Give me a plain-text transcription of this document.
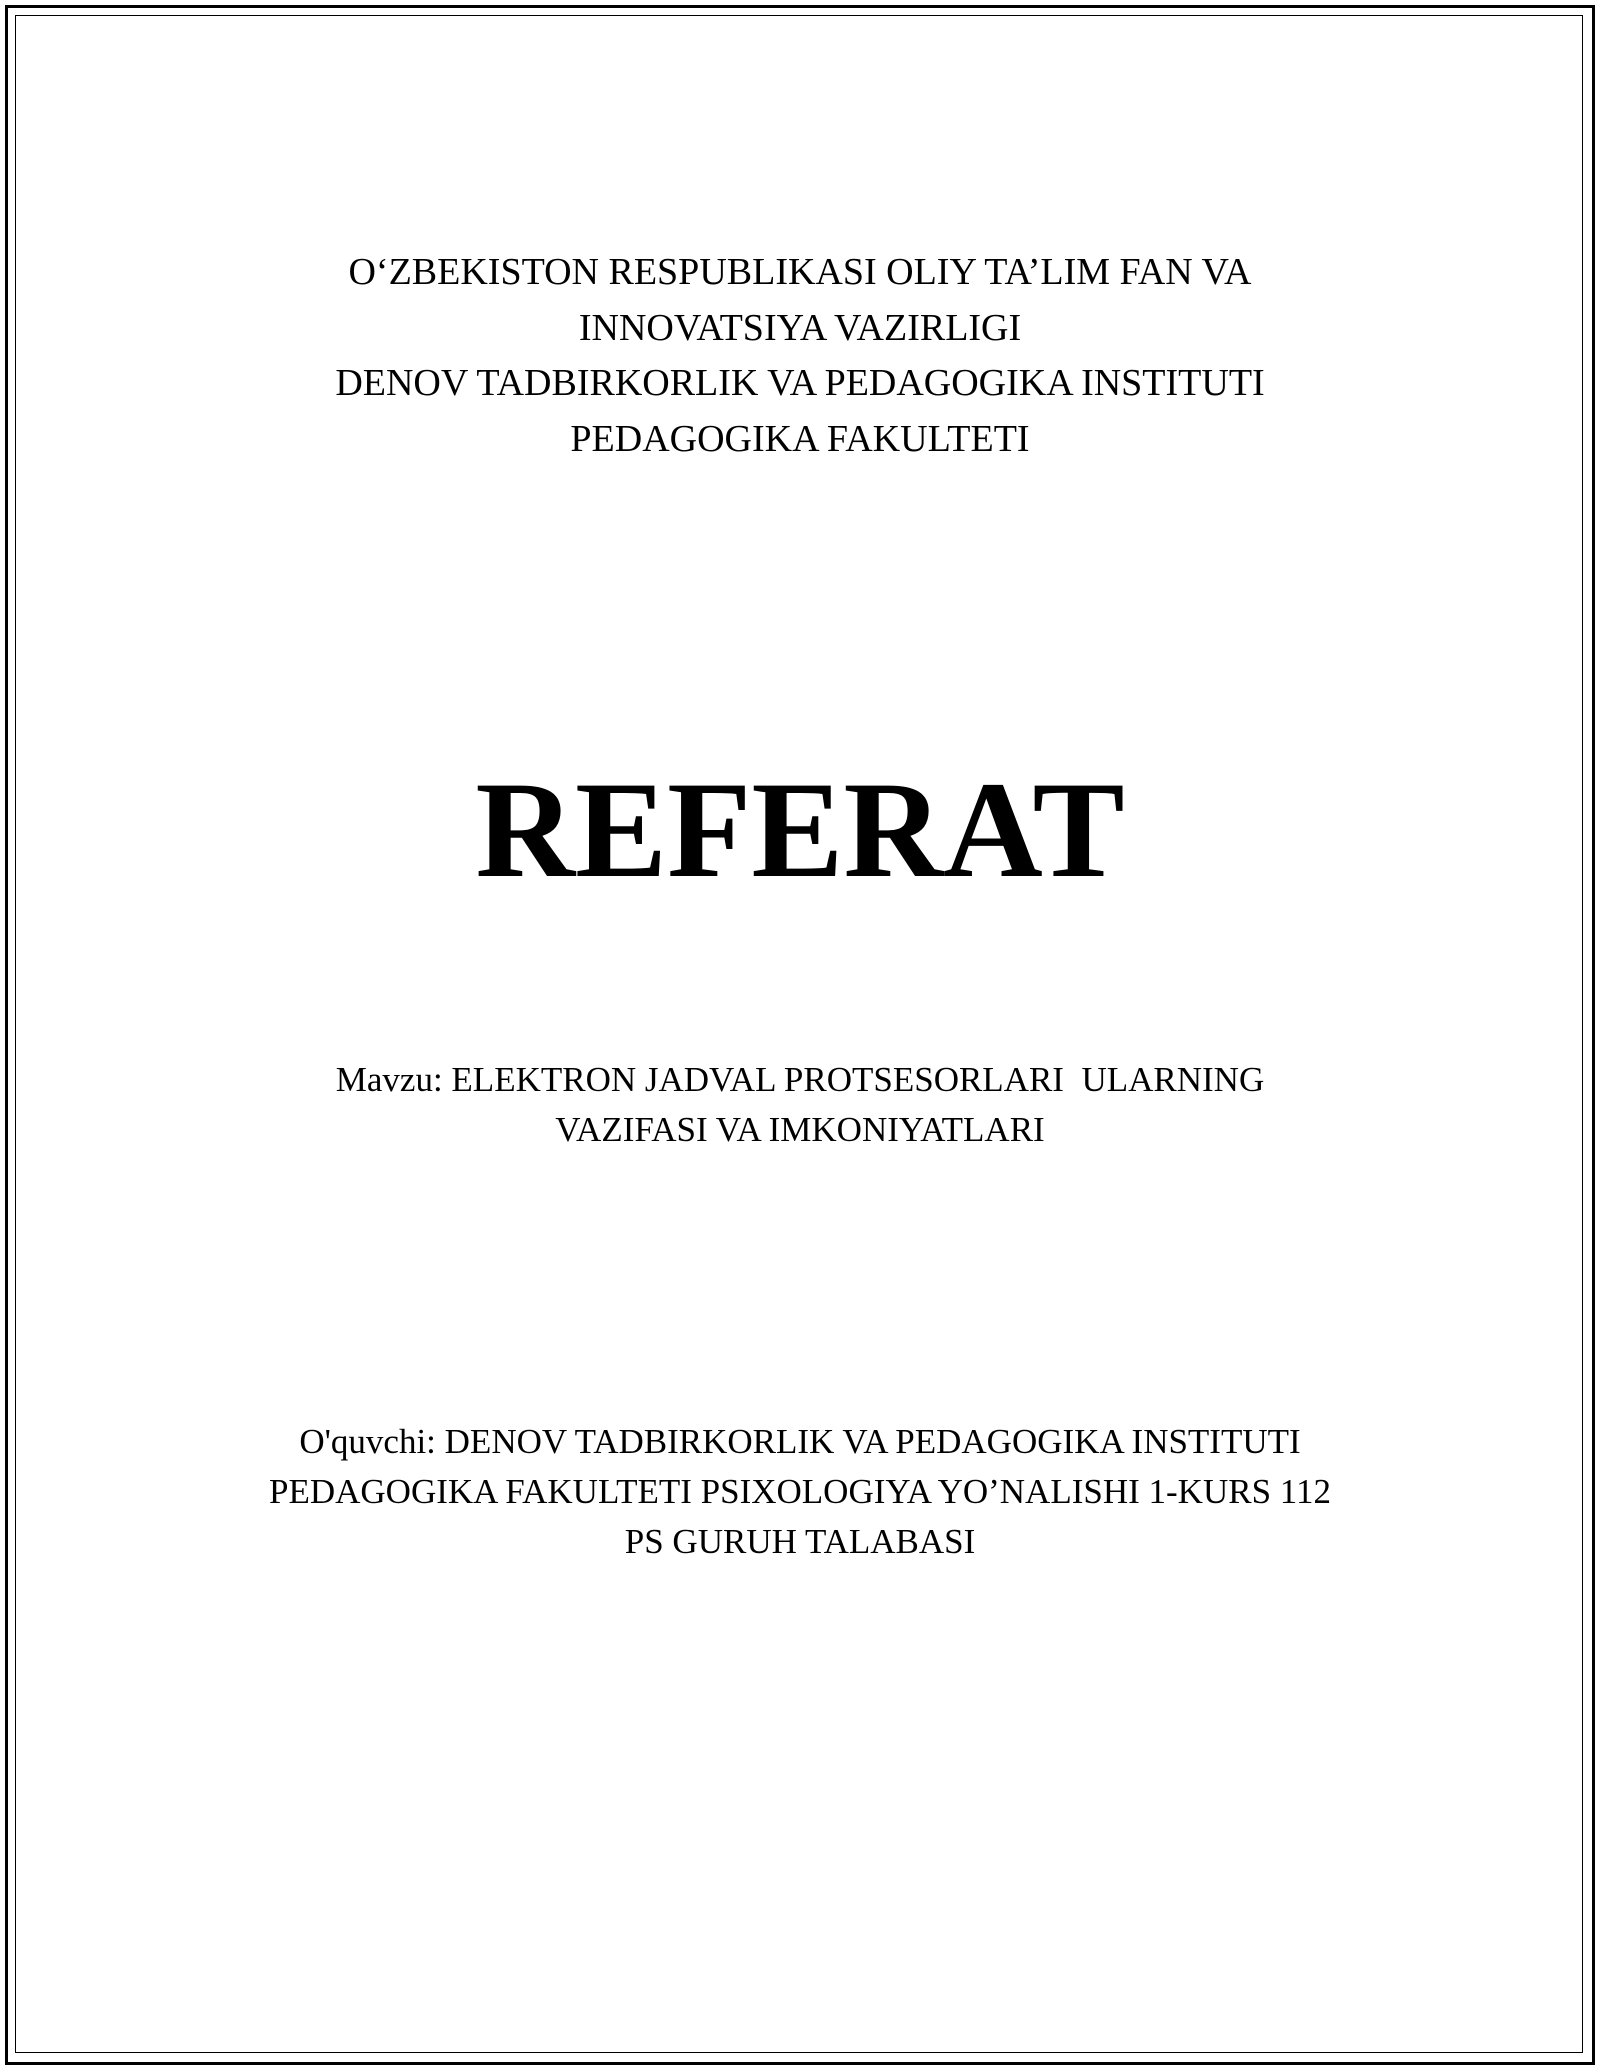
O‘ZBEKISTON RESPUBLIKASI OLIY TA’LIM FAN VA
INNOVATSIYA VAZIRLIGI
DENOV TADBIRKORLIK VA PEDAGOGIKA INSTITUTI
PEDAGOGIKA FAKULTETI
REFERAT
Mavzu: ELEKTRON JADVAL PROTSESORLARI  ULARNING
VAZIFASI VA IMKONIYATLARI
O'quvchi: DENOV TADBIRKORLIK VA PEDAGOGIKA INSTITUTI
PEDAGOGIKA FAKULTETI PSIXOLOGIYA YO’NALISHI 1-KURS 112
PS GURUH TALABASI
